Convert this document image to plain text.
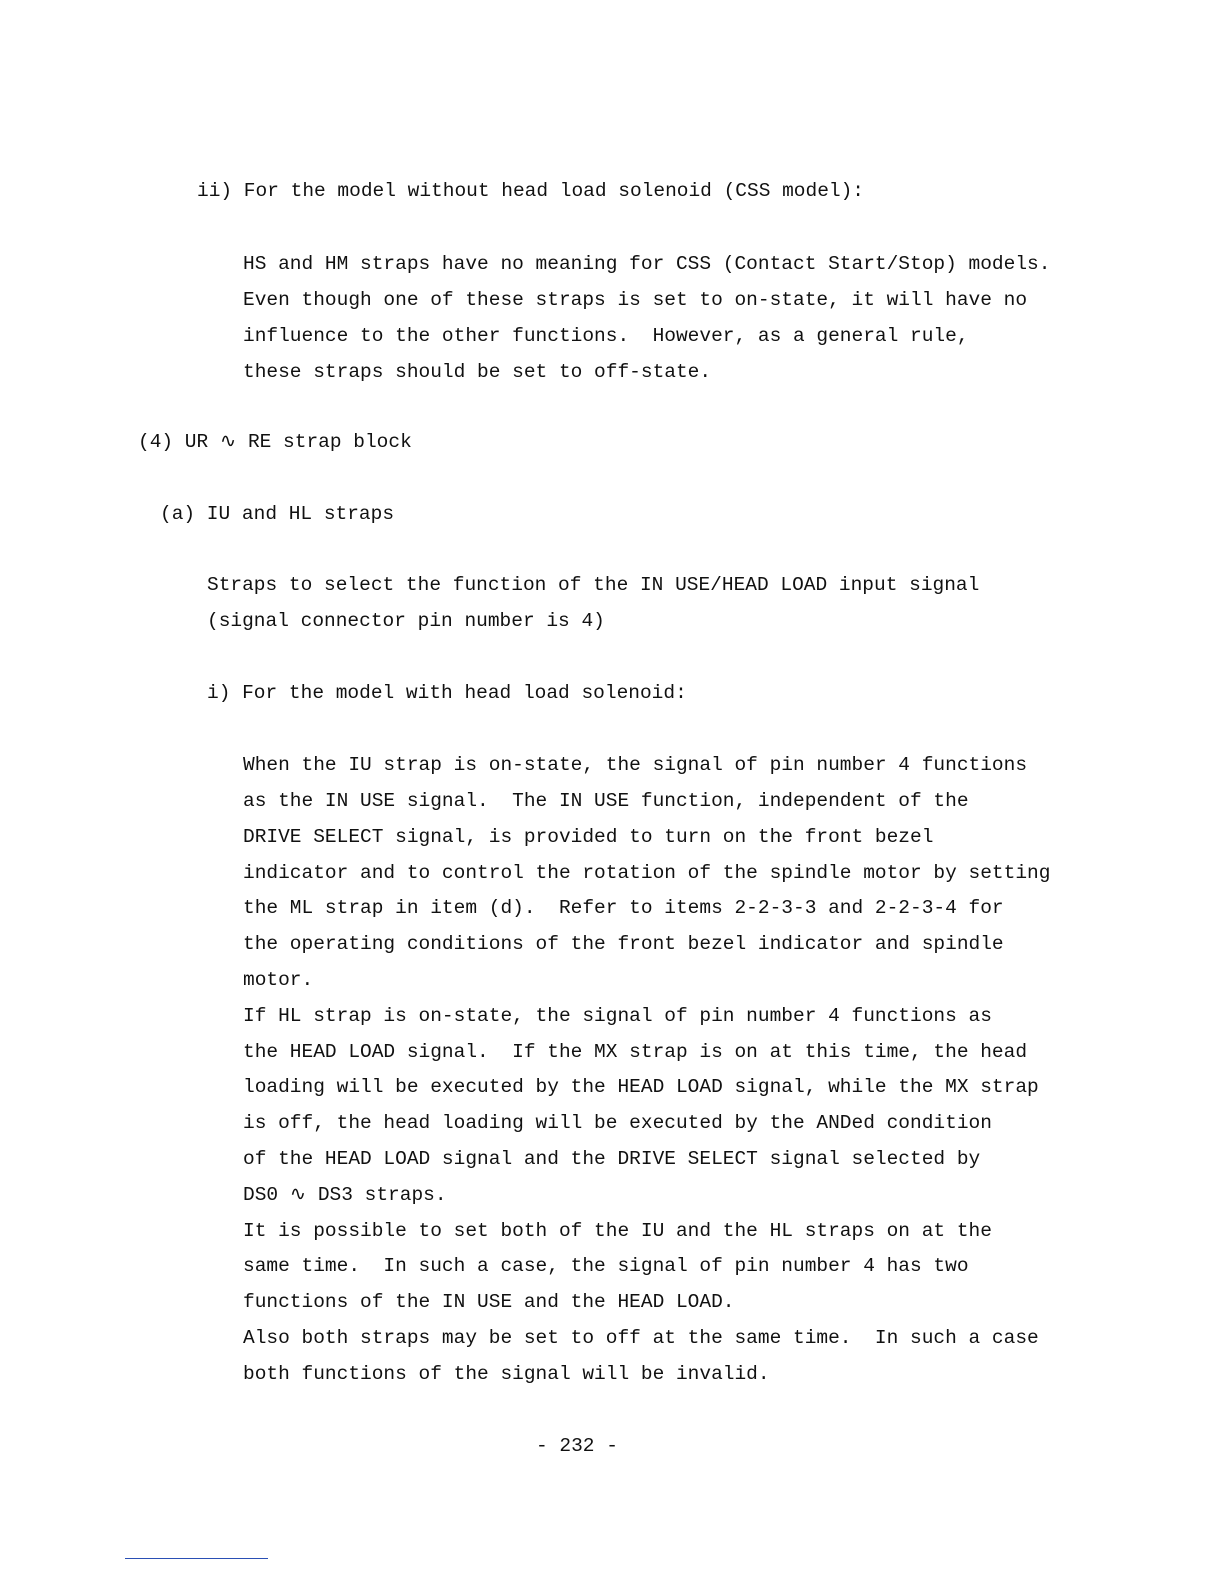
ii) For the model without head load solenoid (CSS model):

HS and HM straps have no meaning for CSS (Contact Start/Stop) models.

Even though one of these straps is set to on-state, it will have no

influence to the other functions.  However, as a general rule,

these straps should be set to off-state.

(4) UR ∿ RE strap block

(a) IU and HL straps

Straps to select the function of the IN USE/HEAD LOAD input signal

(signal connector pin number is 4)

i) For the model with head load solenoid:

When the IU strap is on-state, the signal of pin number 4 functions

as the IN USE signal.  The IN USE function, independent of the

DRIVE SELECT signal, is provided to turn on the front bezel

indicator and to control the rotation of the spindle motor by setting

the ML strap in item (d).  Refer to items 2-2-3-3 and 2-2-3-4 for

the operating conditions of the front bezel indicator and spindle

motor.

If HL strap is on-state, the signal of pin number 4 functions as

the HEAD LOAD signal.  If the MX strap is on at this time, the head

loading will be executed by the HEAD LOAD signal, while the MX strap

is off, the head loading will be executed by the ANDed condition

of the HEAD LOAD signal and the DRIVE SELECT signal selected by

DS0 ∿ DS3 straps.

It is possible to set both of the IU and the HL straps on at the

same time.  In such a case, the signal of pin number 4 has two

functions of the IN USE and the HEAD LOAD.

Also both straps may be set to off at the same time.  In such a case

both functions of the signal will be invalid.

- 232 -
